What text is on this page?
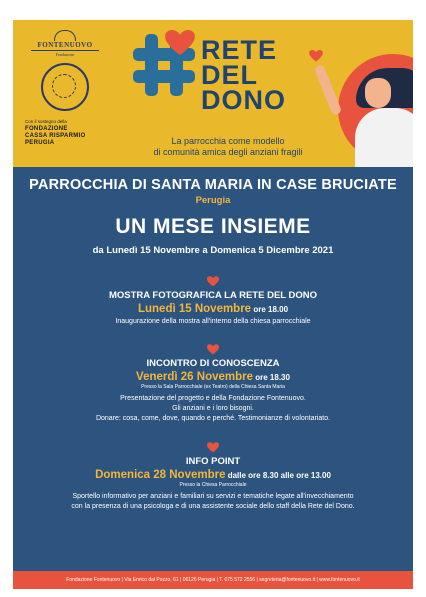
FONTENUOVO
Fondazione
Con il sostegno della
FONDAZIONE
CASSA RISPARMIO PERUGIA
RETE
DEL
DONO
La parrocchia come modello
di comunità amica degli anziani fragili
PARROCCHIA DI SANTA MARIA IN CASE BRUCIATE
Perugia
UN MESE INSIEME
da Lunedì 15 Novembre a Domenica 5 Dicembre 2021
MOSTRA FOTOGRAFICA LA RETE DEL DONO
Lunedì 15 Novembre ore 18.00
Inaugurazione della mostra all'interno della chiesa parrocchiale
INCONTRO DI CONOSCENZA
Venerdì 26 Novembre ore 18.30
Presso la Sala Parrocchiale (ex Teatro) della Chiesa Santa Maria
Presentazione del progetto e della Fondazione Fontenuovo.
Gli anziani e i loro bisogni.
Donare: cosa, come, dove, quando e perché. Testimonianze di volontariato.
INFO POINT
Domenica 28 Novembre dalle ore 8.30 alle ore 13.00
Presso la Chiesa Parrocchiale
Sportello informativo per anziani e familiari su servizi e tematiche legate all'invecchiamento
con la presenza di una psicologa e di una assistente sociale dello staff della Rete del Dono.
Fondazione Fontenuovo | Via Enrico dal Pozzo, 61 | 06126 Perugia | T. 075 572 2556 | segreteria@fontenuovo.it | www.fontenuovo.it
